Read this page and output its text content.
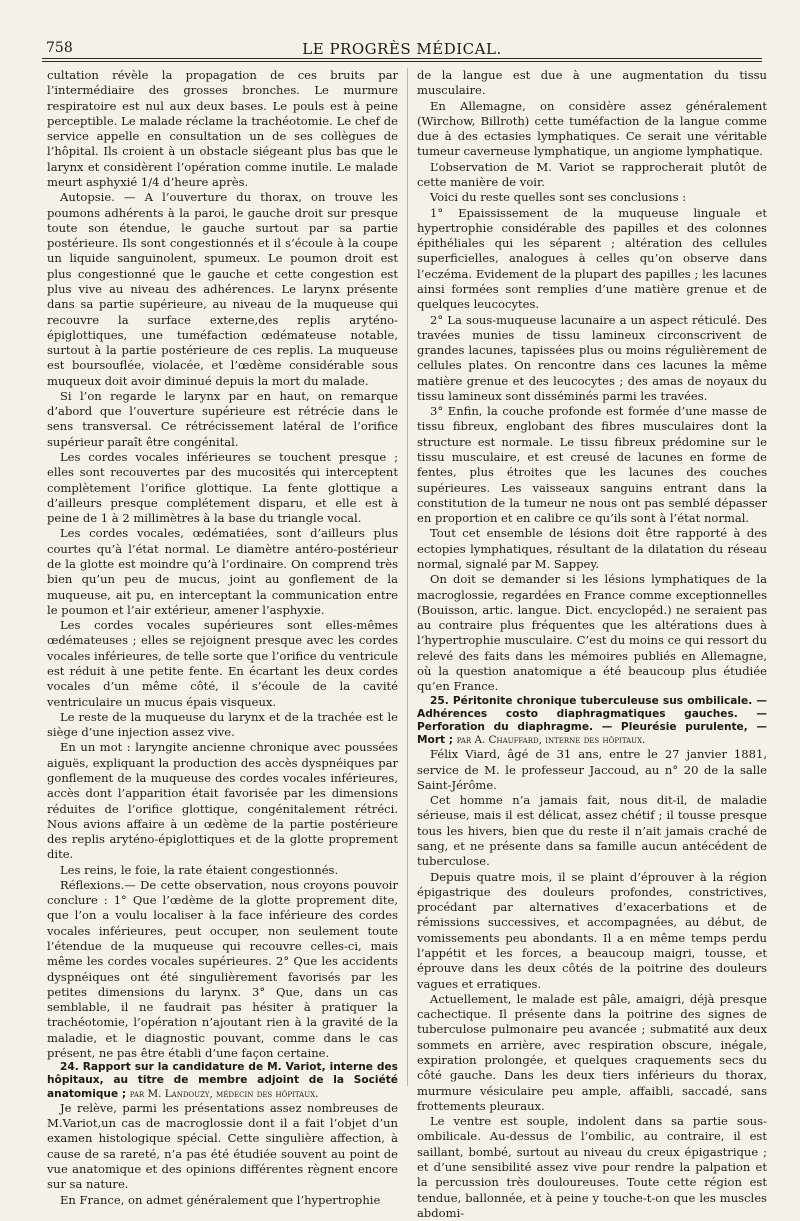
758	LE PROGRÈS MÉDICAL.

cultation révèle la propagation de ces bruits par l’intermédiaire des grosses bronches. Le murmure respiratoire est nul aux deux bases. Le pouls est à peine perceptible. Le malade réclame la trachéotomie. Le chef de service appelle en consultation un de ses collègues de l’hôpital. Ils croient à un obstacle siégeant plus bas que le larynx et considèrent l’opération comme inutile. Le malade meurt asphyxié 1/4 d’heure après.

Autopsie. — A l’ouverture du thorax, on trouve les poumons adhérents à la paroi, le gauche droit sur presque toute son étendue, le gauche surtout par sa partie postérieure. Ils sont congestionnés et il s’écoule à la coupe un liquide sanguinolent, spumeux. Le poumon droit est plus congestionné que le gauche et cette congestion est plus vive au niveau des adhérences. Le larynx présente dans sa partie supérieure, au niveau de la muqueuse qui recouvre la surface externe,des replis aryténo-épiglottiques, une tuméfaction œdémateuse notable, surtout à la partie postérieure de ces replis. La muqueuse est boursouflée, violacée, et l’œdème considérable sous muqueux doit avoir diminué depuis la mort du malade.

Si l’on regarde le larynx par en haut, on remarque d’abord que l’ouverture supérieure est rétrécie dans le sens transversal. Ce rétrécissement latéral de l’orifice supérieur paraît être congénital.

Les cordes vocales inférieures se touchent presque ; elles sont recouvertes par des mucosités qui interceptent complètement l’orifice glottique. La fente glottique a d’ailleurs presque complétement disparu, et elle est à peine de 1 à 2 millimètres à la base du triangle vocal.

Les cordes vocales, œdématiées, sont d’ailleurs plus courtes qu’à l’état normal. Le diamètre antéro-postérieur de la glotte est moindre qu’à l’ordinaire. On comprend très bien qu’un peu de mucus, joint au gonflement de la muqueuse, ait pu, en interceptant la communication entre le poumon et l’air extérieur, amener l’asphyxie.

Les cordes vocales supérieures sont elles-mêmes œdémateuses ; elles se rejoignent presque avec les cordes vocales inférieures, de telle sorte que l’orifice du ventricule est réduit à une petite fente. En écartant les deux cordes vocales d’un même côté, il s’écoule de la cavité ventriculaire un mucus épais visqueux.

Le reste de la muqueuse du larynx et de la trachée est le siège d’une injection assez vive.

En un mot : laryngite ancienne chronique avec poussées aiguës, expliquant la production des accès dyspnéiques par gonflement de la muqueuse des cordes vocales inférieures, accès dont l’apparition était favorisée par les dimensions réduites de l’orifice glottique, congénitalement rétréci. Nous avions affaire à un œdème de la partie postérieure des replis aryténo-épiglottiques et de la glotte proprement dite.

Les reins, le foie, la rate étaient congestionnés.

Réflexions.— De cette observation, nous croyons pouvoir conclure : 1° Que l’œdème de la glotte proprement dite, que l’on a voulu localiser à la face inférieure des cordes vocales inférieures, peut occuper, non seulement toute l’étendue de la muqueuse qui recouvre celles-ci, mais même les cordes vocales supérieures. 2° Que les accidents dyspnéiques ont été singulièrement favorisés par les petites dimensions du larynx. 3° Que, dans un cas semblable, il ne faudrait pas hésiter à pratiquer la trachéotomie, l’opération n’ajoutant rien à la gravité de la maladie, et le diagnostic pouvant, comme dans le cas présent, ne pas être établi d’une façon certaine.

24. Rapport sur la candidature de M. Variot, interne des hôpitaux, au titre de membre adjoint de la Société anatomique ; par M. Landouzy, médecin des hôpitaux.

Je relève, parmi les présentations assez nombreuses de M.Variot,un cas de macroglossie dont il a fait l’objet d’un examen histologique spécial. Cette singulière affection, à cause de sa rareté, n’a pas été étudiée souvent au point de vue anatomique et des opinions différentes règnent encore sur sa nature.

En France, on admet généralement que l’hypertrophie

de la langue est due à une augmentation du tissu musculaire.

En Allemagne, on considère assez généralement (Wirchow, Billroth) cette tuméfaction de la langue comme due à des ectasies lymphatiques. Ce serait une véritable tumeur caverneuse lymphatique, un angiome lymphatique.

L’observation de M. Variot se rapprocherait plutôt de cette manière de voir.

Voici du reste quelles sont ses conclusions :

1° Epaississement de la muqueuse linguale et hypertrophie considérable des papilles et des colonnes épithéliales qui les séparent ; altération des cellules superficielles, analogues à celles qu’on observe dans l’eczéma. Evidement de la plupart des papilles ; les lacunes ainsi formées sont remplies d’une matière grenue et de quelques leucocytes.

2° La sous-muqueuse lacunaire a un aspect réticulé. Des travées munies de tissu lamineux circonscrivent de grandes lacunes, tapissées plus ou moins régulièrement de cellules plates. On rencontre dans ces lacunes la même matière grenue et des leucocytes ; des amas de noyaux du tissu lamineux sont disséminés parmi les travées.

3° Enfin, la couche profonde est formée d’une masse de tissu fibreux, englobant des fibres musculaires dont la structure est normale. Le tissu fibreux prédomine sur le tissu musculaire, et est creusé de lacunes en forme de fentes, plus étroites que les lacunes des couches supérieures. Les vaisseaux sanguins entrant dans la constitution de la tumeur ne nous ont pas semblé dépasser en proportion et en calibre ce qu’ils sont à l’état normal.

Tout cet ensemble de lésions doit être rapporté à des ectopies lymphatiques, résultant de la dilatation du réseau normal, signalé par M. Sappey.

On doit se demander si les lésions lymphatiques de la macroglossie, regardées en France comme exceptionnelles (Bouisson, artic. langue. Dict. encyclopéd.) ne seraient pas au contraire plus fréquentes que les altérations dues à l’hypertrophie musculaire. C’est du moins ce qui ressort du relevé des faits dans les mémoires publiés en Allemagne, où la question anatomique a été beaucoup plus étudiée qu’en France.

25. Péritonite chronique tuberculeuse sus ombilicale. — Adhérences costo diaphragmatiques gauches. — Perforation du diaphragme. — Pleurésie purulente, — Mort ; par A. Chauffard, interne des hôpitaux.

Félix Viard, âgé de 31 ans, entre le 27 janvier 1881, service de M. le professeur Jaccoud, au n° 20 de la salle Saint-Jérôme.

Cet homme n’a jamais fait, nous dit-il, de maladie sérieuse, mais il est délicat, assez chétif ; il tousse presque tous les hivers, bien que du reste il n’ait jamais craché de sang, et ne présente dans sa famille aucun antécédent de tuberculose.

Depuis quatre mois, il se plaint d’éprouver à la région épigastrique des douleurs profondes, constrictives, procédant par alternatives d’exacerbations et de rémissions successives, et accompagnées, au début, de vomissements peu abondants. Il a en même temps perdu l’appétit et les forces, a beaucoup maigri, tousse, et éprouve dans les deux côtés de la poitrine des douleurs vagues et erratiques.

Actuellement, le malade est pâle, amaigri, déjà presque cachectique. Il présente dans la poitrine des signes de tuberculose pulmonaire peu avancée ; submatité aux deux sommets en arrière, avec respiration obscure, inégale, expiration prolongée, et quelques craquements secs du côté gauche. Dans les deux tiers inférieurs du thorax, murmure vésiculaire peu ample, affaibli, saccadé, sans frottements pleuraux.

Le ventre est souple, indolent dans sa partie sous-ombilicale. Au-dessus de l’ombilic, au contraire, il est saillant, bombé, surtout au niveau du creux épigastrique ; et d’une sensibilité assez vive pour rendre la palpation et la percussion très douloureuses. Toute cette région est tendue, ballonnée, et à peine y touche-t-on que les muscles abdomi-
